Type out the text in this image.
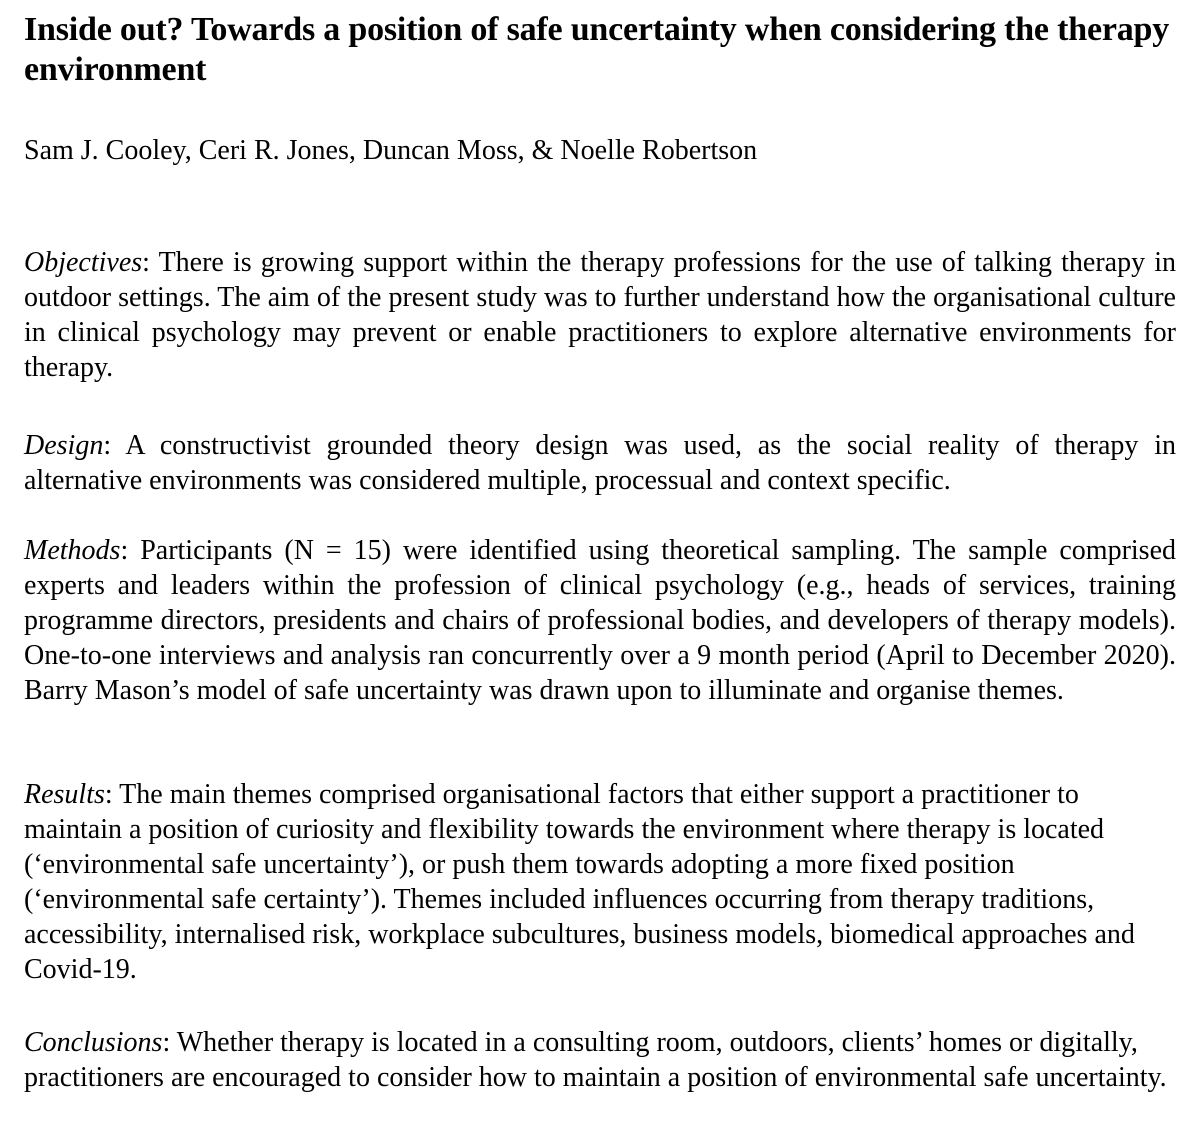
Inside out? Towards a position of safe uncertainty when considering the therapy environment

Sam J. Cooley, Ceri R. Jones, Duncan Moss, & Noelle Robertson

Objectives: There is growing support within the therapy professions for the use of talking therapy in outdoor settings. The aim of the present study was to further understand how the organisational culture in clinical psychology may prevent or enable practitioners to explore alternative environments for therapy.

Design: A constructivist grounded theory design was used, as the social reality of therapy in alternative environments was considered multiple, processual and context specific.

Methods: Participants (N = 15) were identified using theoretical sampling. The sample comprised experts and leaders within the profession of clinical psychology (e.g., heads of services, training programme directors, presidents and chairs of professional bodies, and developers of therapy models). One-to-one interviews and analysis ran concurrently over a 9 month period (April to December 2020). Barry Mason’s model of safe uncertainty was drawn upon to illuminate and organise themes.

Results: The main themes comprised organisational factors that either support a practitioner to maintain a position of curiosity and flexibility towards the environment where therapy is located (‘environmental safe uncertainty’), or push them towards adopting a more fixed position (‘environmental safe certainty’). Themes included influences occurring from therapy traditions, accessibility, internalised risk, workplace subcultures, business models, biomedical approaches and Covid-19.

Conclusions: Whether therapy is located in a consulting room, outdoors, clients’ homes or digitally, practitioners are encouraged to consider how to maintain a position of environmental safe uncertainty.
